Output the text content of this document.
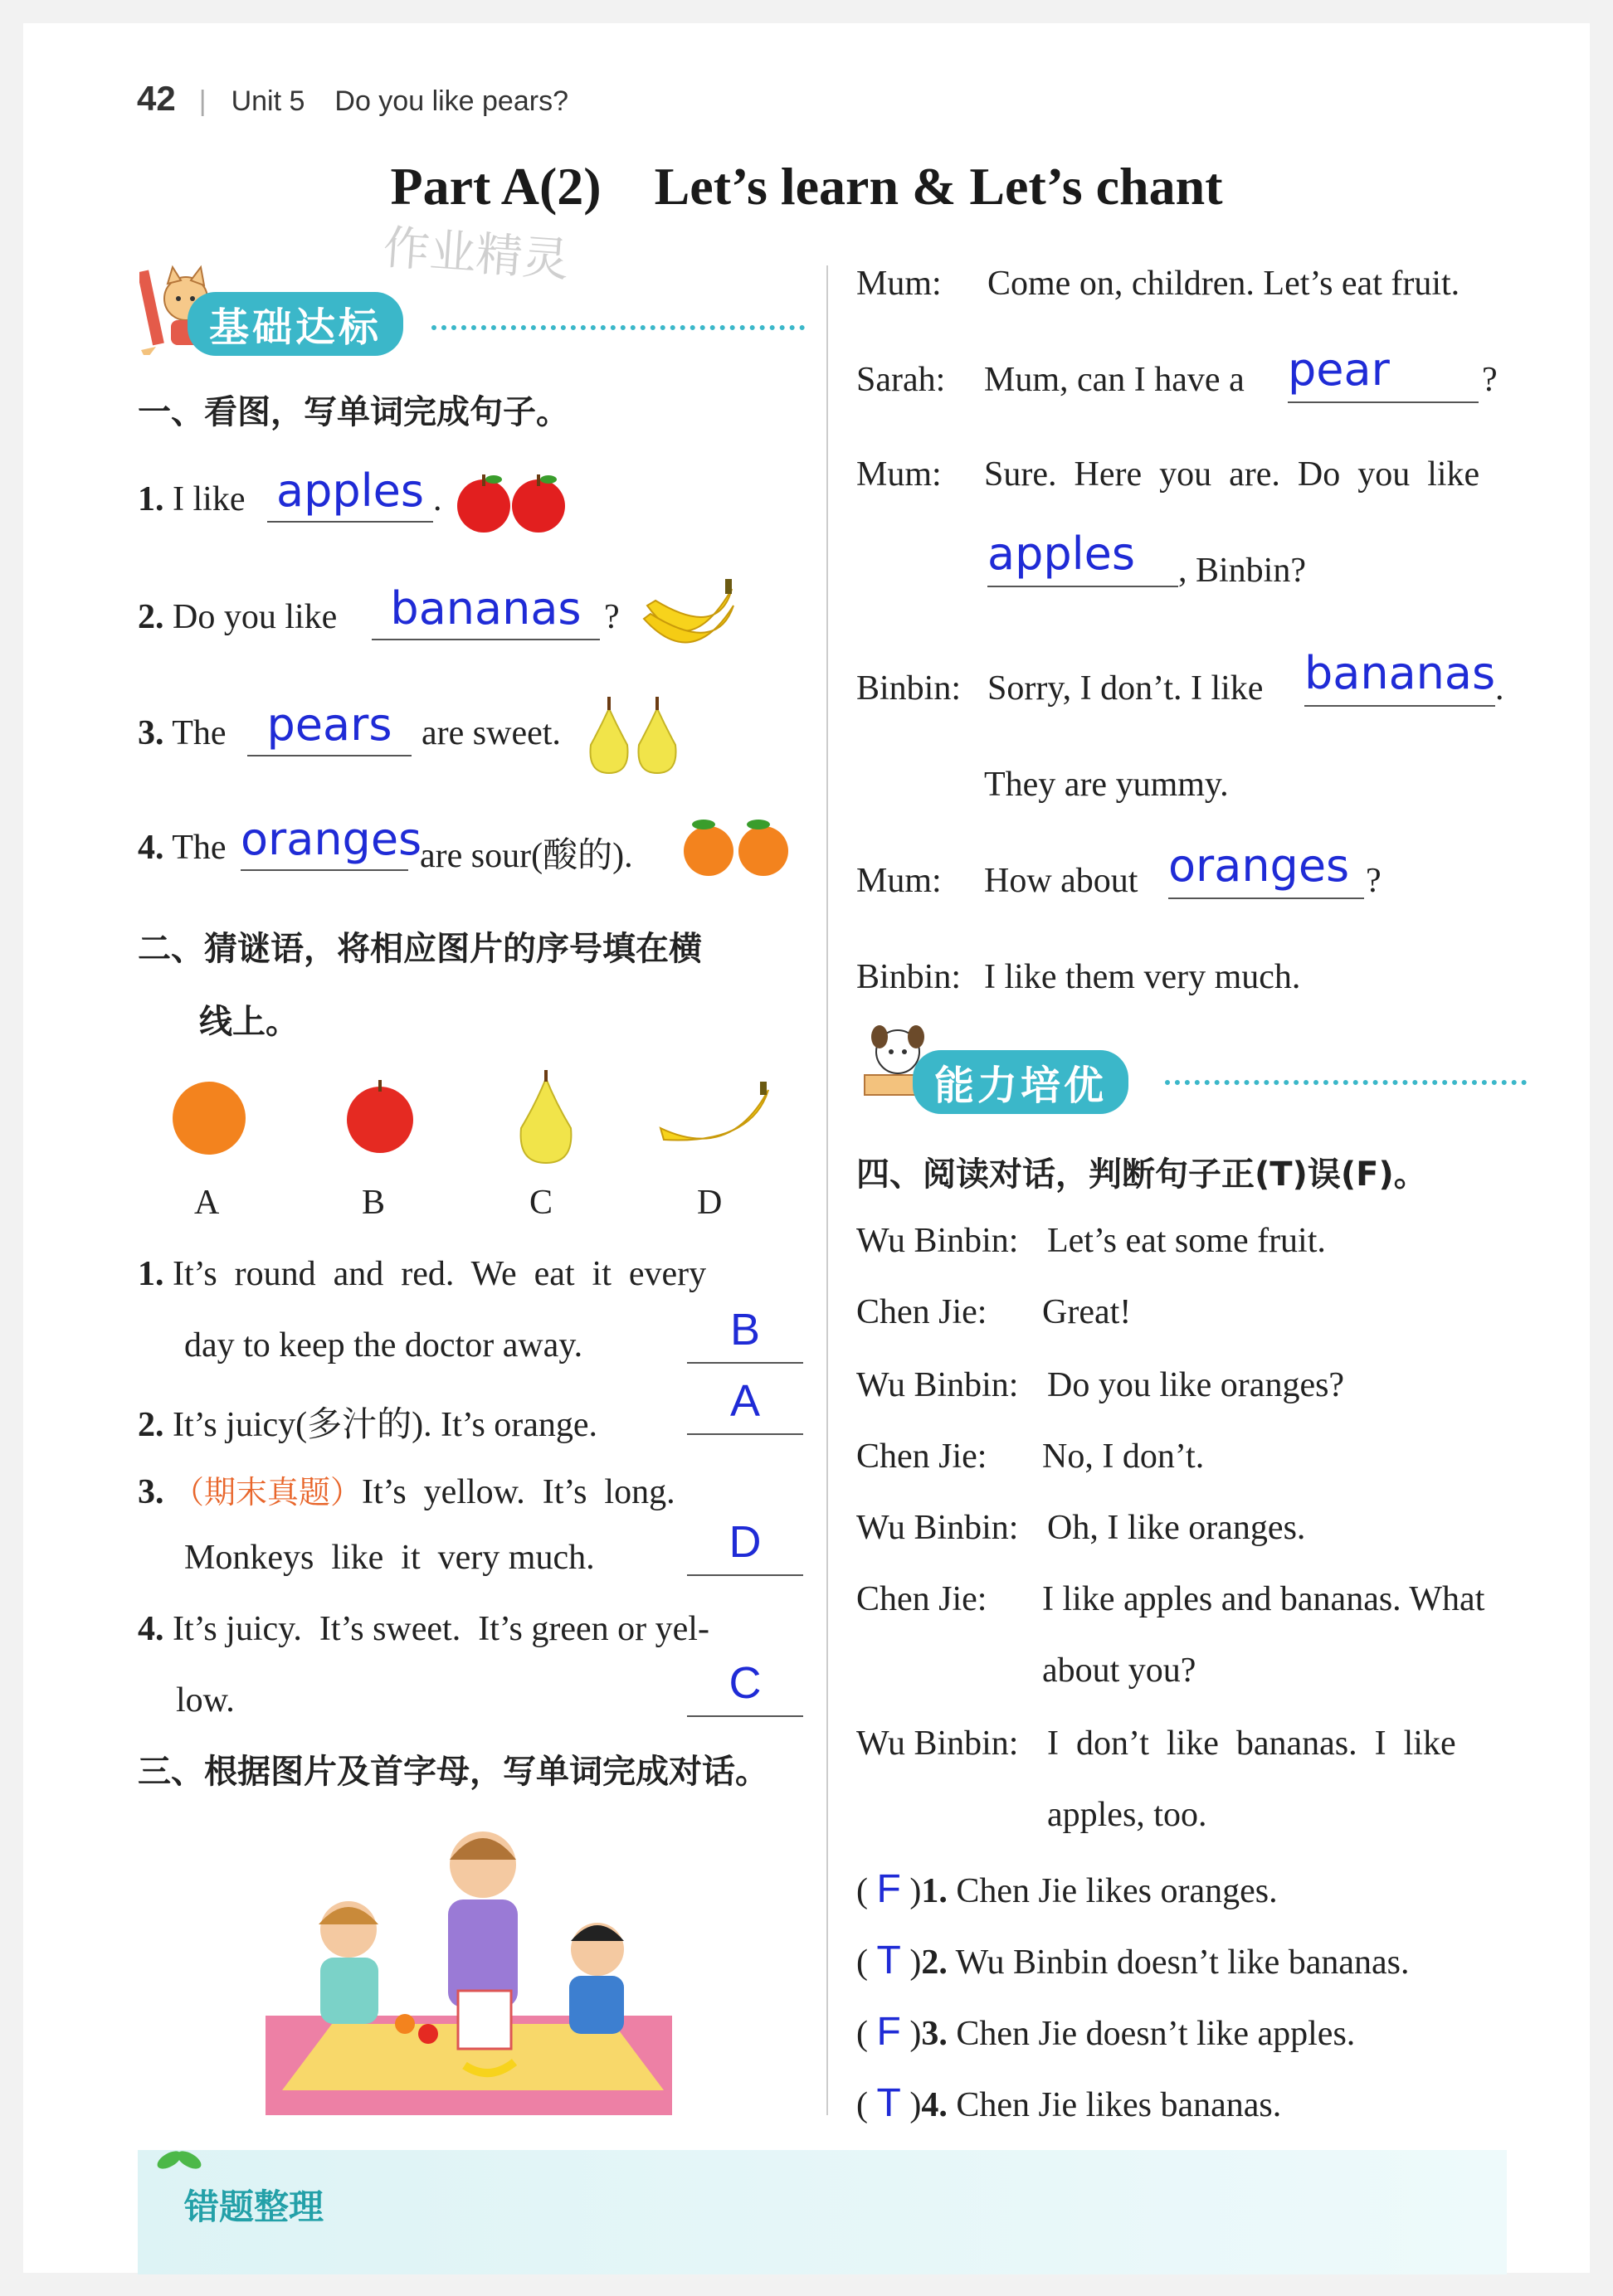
42 | Unit 5 Do you like pears?
Part A(2)    Let’s learn & Let’s chant
作业精灵
基础达标
一、看图，写单词完成句子。
1. I like apples .
2. Do you like	bananas ?
3. The pears are sweet.
4. The oranges
are sour(酸的).
二、猜谜语，将相应图片的序号填在横
线上。
A	B	C	D
1. It’s  round  and  red.  We  eat  it  every
day to keep the doctor away.	B
2. It’s juicy(多汁的). It’s orange.	A
3. （期末真题）It’s  yellow.  It’s  long.
Monkeys  like  it  very much.	D
4. It’s juicy.  It’s sweet.  It’s green or yel-
low.	C
三、根据图片及首字母，写单词完成对话。
Mum: Come on, children. Let’s eat fruit.
Sarah: Mum, can I have a pear	?
Mum: Sure.  Here  you  are.  Do  you  like
apples	, Binbin?
Binbin: Sorry, I don’t. I like bananas .
They are yummy.
Mum: How about oranges ?
Binbin: I like them very much.
能力培优
四、阅读对话，判断句子正(T)误(F)。
Wu Binbin: Let’s eat some fruit.
Chen Jie: Great!
Wu Binbin: Do you like oranges?
Chen Jie: No, I don’t.
Wu Binbin: Oh, I like oranges.
Chen Jie: I like apples and bananas. What
about you?
Wu Binbin: I  don’t  like  bananas.  I  like
apples, too.
( F )1. Chen Jie likes oranges.
( T )2. Wu Binbin doesn’t like bananas.
( F )3. Chen Jie doesn’t like apples.
( T )4. Chen Jie likes bananas.
错题整理
